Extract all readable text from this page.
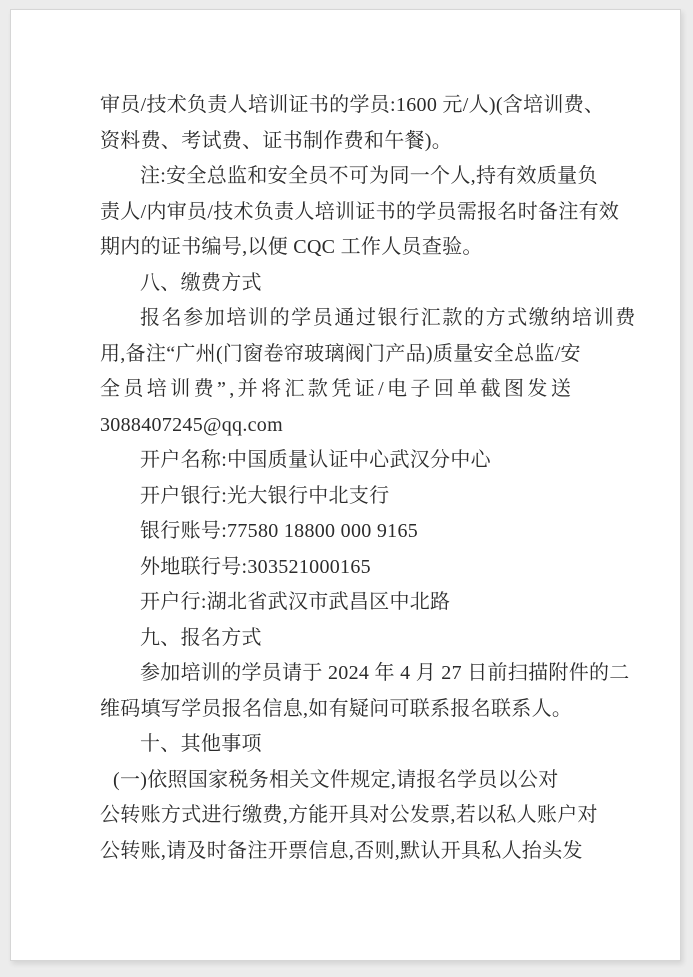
审员/技术负责人培训证书的学员:1600 元/人)(含培训费、
资料费、考试费、证书制作费和午餐)。
注:安全总监和安全员不可为同一个人,持有效质量负
责人/内审员/技术负责人培训证书的学员需报名时备注有效
期内的证书编号,以便 CQC 工作人员查验。
八、缴费方式
报名参加培训的学员通过银行汇款的方式缴纳培训费
用,备注“广州(门窗卷帘玻璃阀门产品)质量安全总监/安
全员培训费”,并将汇款凭证/电子回单截图发送
3088407245@qq.com
开户名称:中国质量认证中心武汉分中心
开户银行:光大银行中北支行
银行账号:77580 18800 000 9165
外地联行号:303521000165
开户行:湖北省武汉市武昌区中北路
九、报名方式
参加培训的学员请于 2024 年 4 月 27 日前扫描附件的二
维码填写学员报名信息,如有疑问可联系报名联系人。
十、其他事项
(一)依照国家税务相关文件规定,请报名学员以公对
公转账方式进行缴费,方能开具对公发票,若以私人账户对
公转账,请及时备注开票信息,否则,默认开具私人抬头发
